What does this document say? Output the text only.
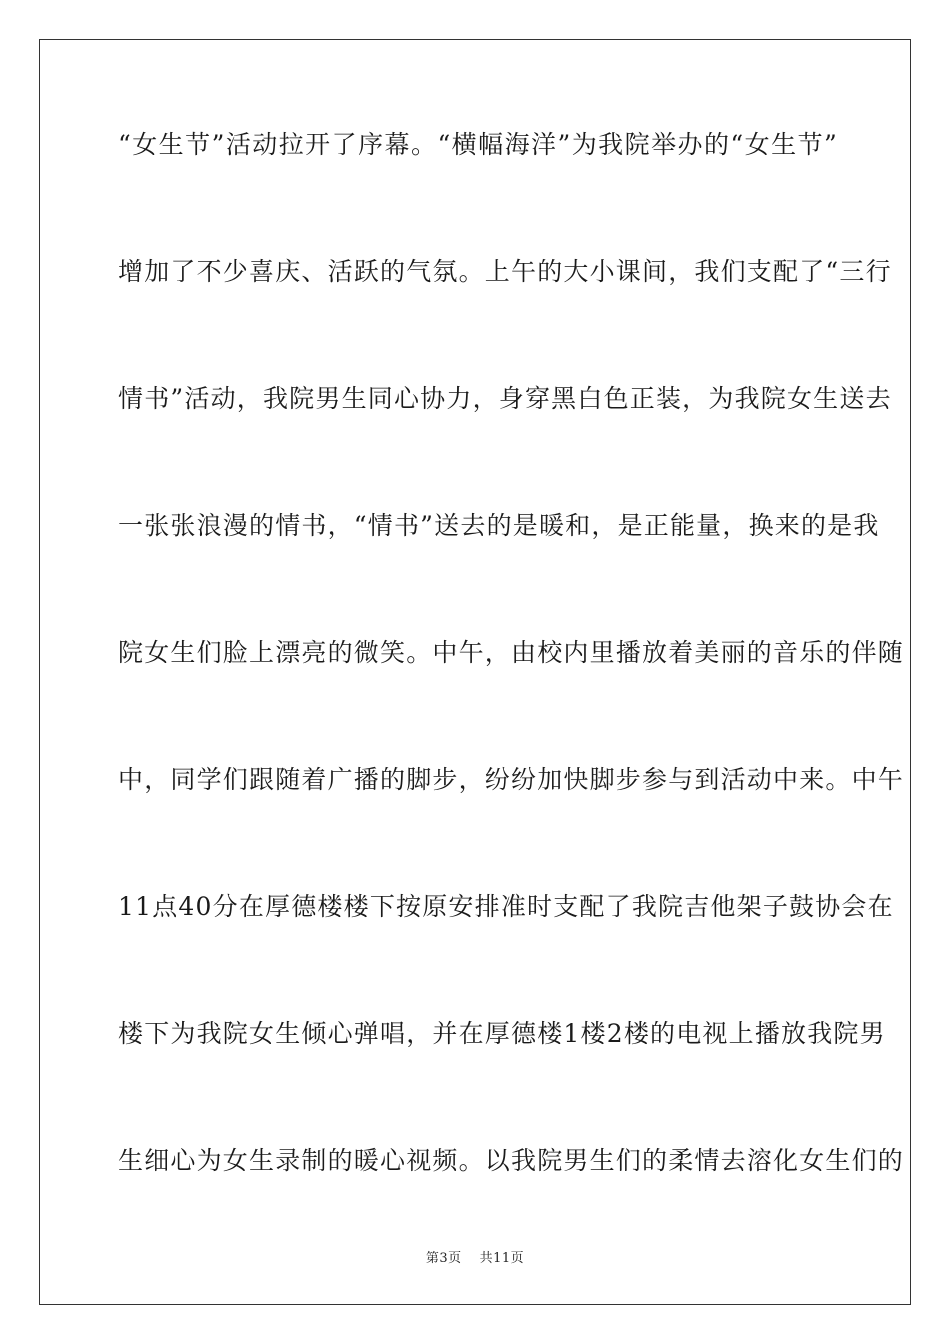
“女生节”活动拉开了序幕。“横幅海洋”为我院举办的“女生节”
增加了不少喜庆、活跃的气氛。上午的大小课间，我们支配了“三行
情书”活动，我院男生同心协力，身穿黑白色正装，为我院女生送去
一张张浪漫的情书，“情书”送去的是暖和，是正能量，换来的是我
院女生们脸上漂亮的微笑。中午，由校内里播放着美丽的音乐的伴随
中，同学们跟随着广播的脚步，纷纷加快脚步参与到活动中来。中午
11点40分在厚德楼楼下按原安排准时支配了我院吉他架子鼓协会在
楼下为我院女生倾心弹唱，并在厚德楼1楼2楼的电视上播放我院男
生细心为女生录制的暖心视频。以我院男生们的柔情去溶化女生们的
第3页 共11页
